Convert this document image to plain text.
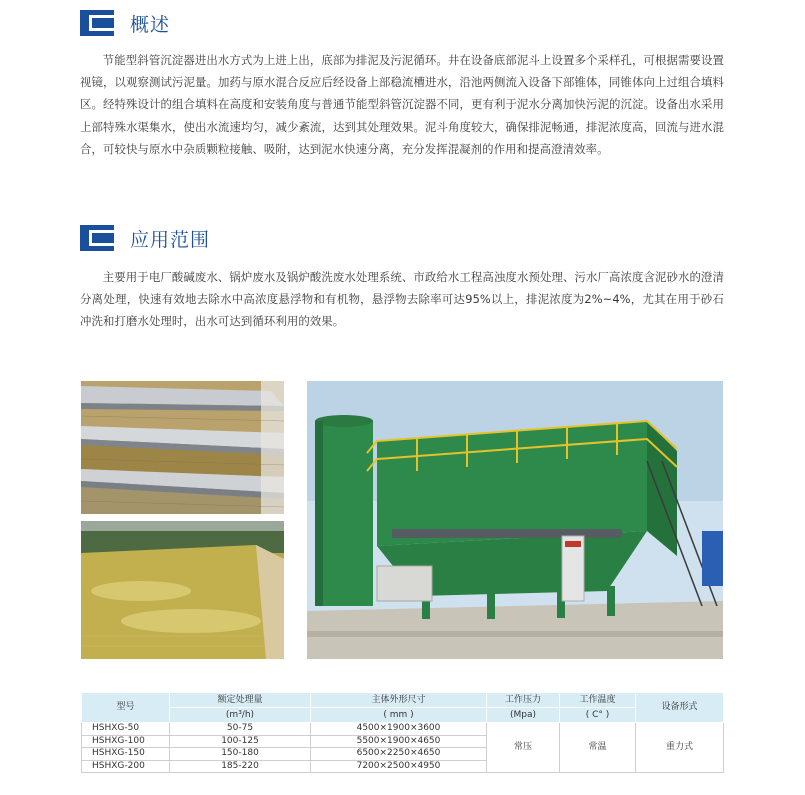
概述

节能型斜管沉淀器进出水方式为上进上出，底部为排泥及污泥循环。井在设备底部泥斗上设置多个采样孔，可根据需要设置视镜，以观察测试污泥量。加药与原水混合反应后经设备上部稳流槽进水，沿池两侧流入设备下部锥体，同锥体向上过组合填料区。经特殊设计的组合填料在高度和安装角度与普通节能型斜管沉淀器不同，更有利于泥水分离加快污泥的沉淀。设备出水采用上部特殊水渠集水，使出水流速均匀，减少紊流，达到其处理效果。泥斗角度较大，确保排泥畅通，排泥浓度高，回流与进水混合，可较快与原水中杂质颗粒接触、吸附，达到泥水快速分离，充分发挥混凝剂的作用和提高澄清效率。

应用范围

主要用于电厂酸碱废水、锅炉废水及锅炉酸洗废水处理系统、市政给水工程高浊度水预处理、污水厂高浓度含泥砂水的澄清分离处理，快速有效地去除水中高浓度悬浮物和有机物，悬浮物去除率可达95%以上，排泥浓度为2%~4%，尤其在用于砂石冲洗和打磨水处理时，出水可达到循环利用的效果。

型号	额定处理量	主体外形尺寸	工作压力	工作温度	设备形式
	(m³/h)	( mm )	(Mpa)	( C° )	
HSHXG-50	50-75	4500×1900×3600	常压	常温	重力式
HSHXG-100	100-125	5500×1900×4650			
HSHXG-150	150-180	6500×2250×4650			
HSHXG-200	185-220	7200×2500×4950			
